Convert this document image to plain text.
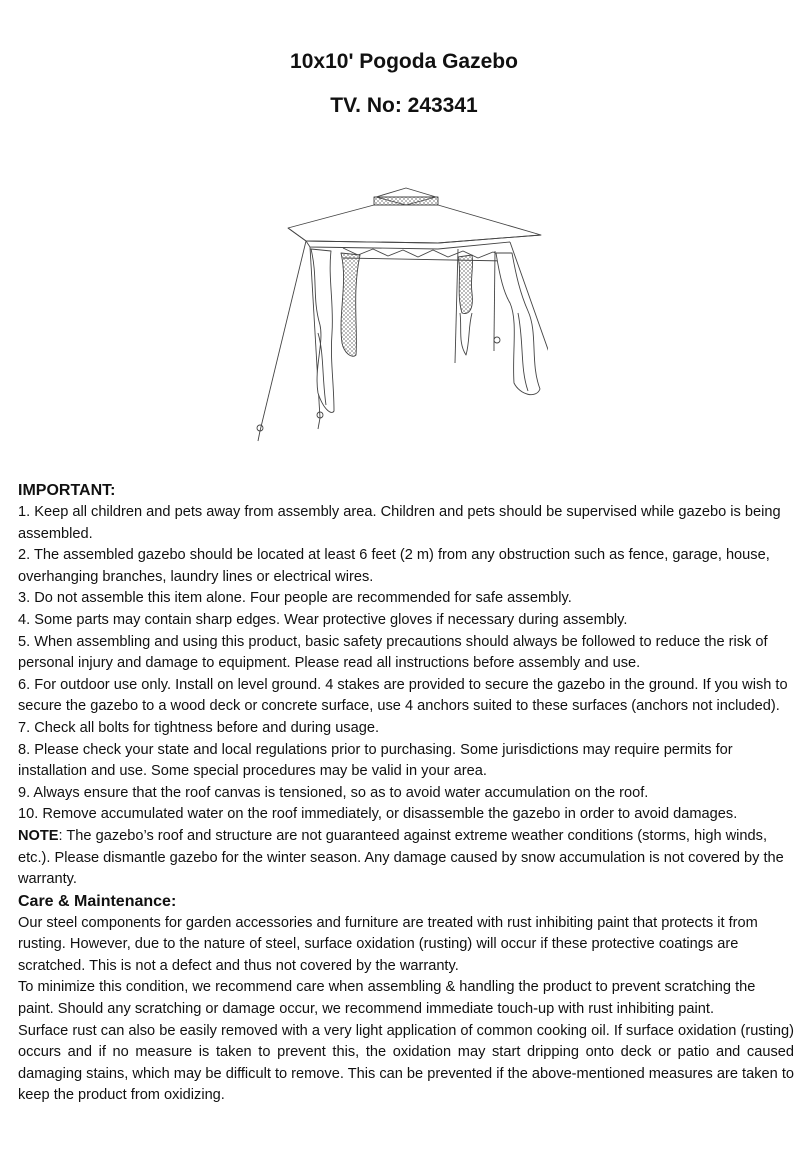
10x10' Pogoda Gazebo
TV. No: 243341

IMPORTANT:

1. Keep all children and pets away from assembly area. Children and pets should be supervised while gazebo is being assembled.

2. The assembled gazebo should be located at least 6 feet (2 m) from any obstruction such as fence, garage, house, overhanging branches, laundry lines or electrical wires.

3. Do not assemble this item alone. Four people are recommended for safe assembly.

4. Some parts may contain sharp edges. Wear protective gloves if necessary during assembly.

5. When assembling and using this product, basic safety precautions should always be followed to reduce the risk of personal injury and damage to equipment. Please read all instructions before assembly and use.

6. For outdoor use only. Install on level ground. 4 stakes are provided to secure the gazebo in the ground. If you wish to secure the gazebo to a wood deck or concrete surface, use 4 anchors suited to these surfaces (anchors not included).

7. Check all bolts for tightness before and during usage.

8. Please check your state and local regulations prior to purchasing. Some jurisdictions may require permits for installation and use. Some special procedures may be valid in your area.

9. Always ensure that the roof canvas is tensioned, so as to avoid water accumulation on the roof.

10. Remove accumulated water on the roof immediately, or disassemble the gazebo in order to avoid damages.

NOTE: The gazebo’s roof and structure are not guaranteed against extreme weather conditions (storms, high winds, etc.). Please dismantle gazebo for the winter season. Any damage caused by snow accumulation is not covered by the warranty.

Care & Maintenance:

Our steel components for garden accessories and furniture are treated with rust inhibiting paint that protects it from rusting. However, due to the nature of steel, surface oxidation (rusting) will occur if these protective coatings are scratched. This is not a defect and thus not covered by the warranty.

To minimize this condition, we recommend care when assembling & handling the product to prevent scratching the paint. Should any scratching or damage occur, we recommend immediate touch-up with rust inhibiting paint.

Surface rust can also be easily removed with a very light application of common cooking oil. If surface oxidation (rusting) occurs and if no measure is taken to prevent this, the oxidation may start dripping onto deck or patio and caused damaging stains, which may be difficult to remove. This can be prevented if the above-mentioned measures are taken to keep the product from oxidizing.
